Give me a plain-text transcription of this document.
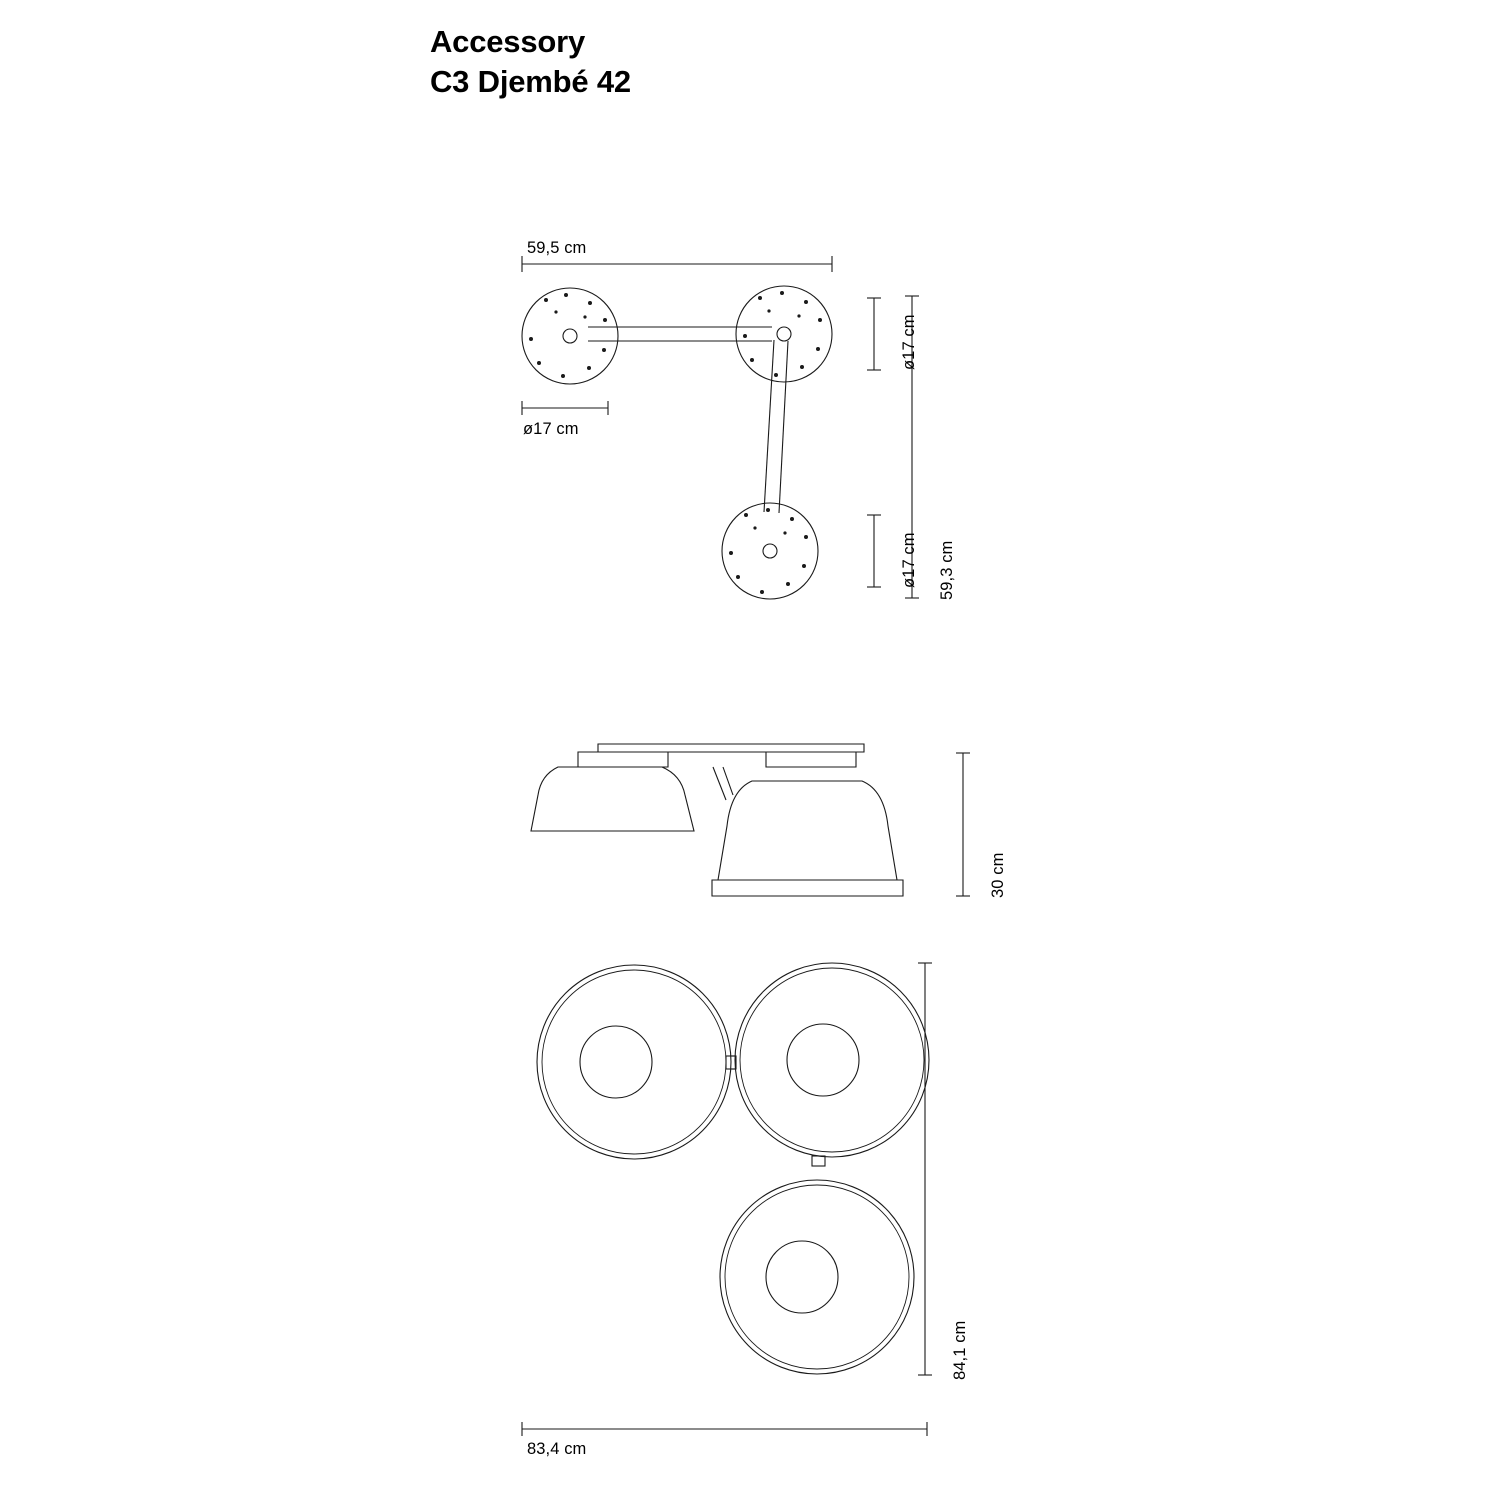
Accessory
C3 Djembé 42
59,5 cm
ø17 cm
ø17 cm
ø17 cm 59,3 cm
30 cm
84,1 cm
83,4 cm
